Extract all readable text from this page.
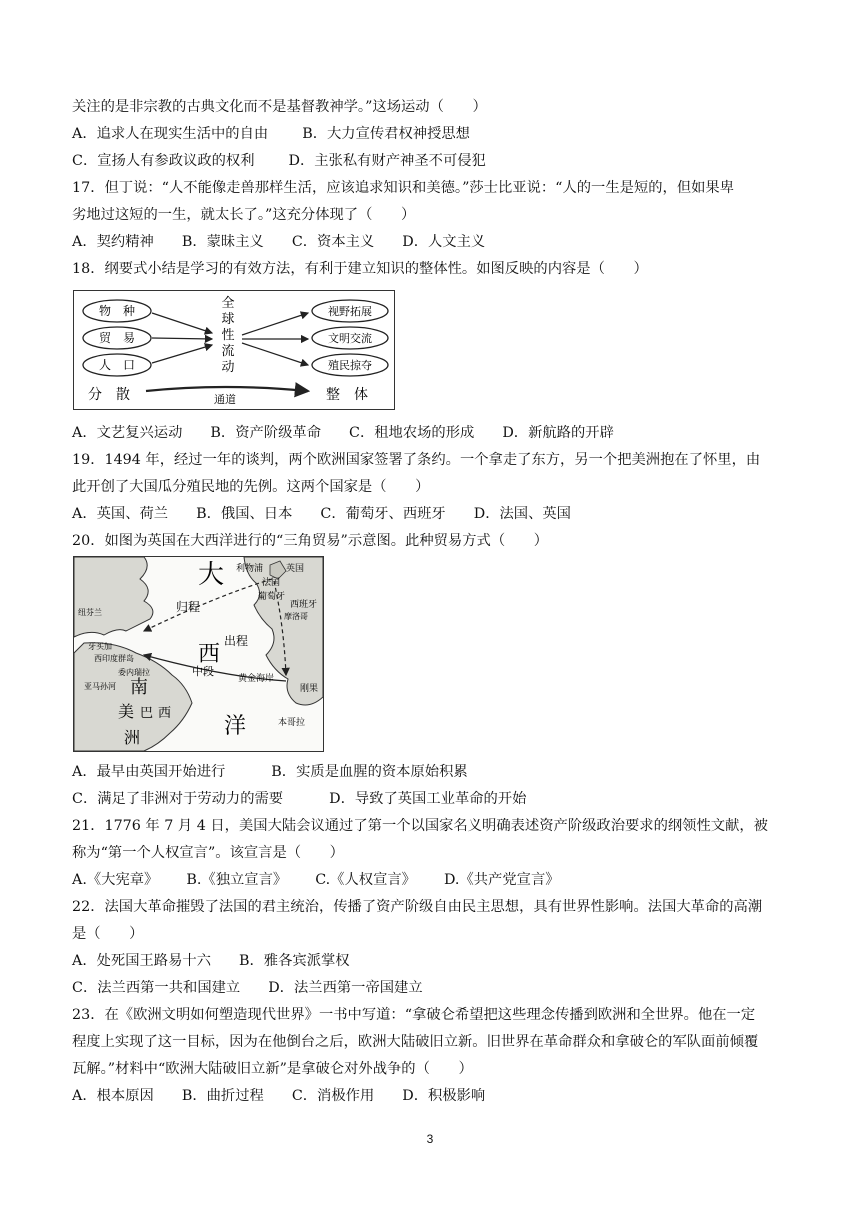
关注的是非宗教的古典文化而不是基督教神学。”这场运动（　　）
A．追求人在现实生活中的自由 B．大力宣传君权神授思想
C．宣扬人有参政议政的权利 D．主张私有财产神圣不可侵犯
17．但丁说：“人不能像走兽那样生活，应该追求知识和美德。”莎士比亚说：“人的一生是短的，但如果卑
劣地过这短的一生，就太长了。”这充分体现了（　　）
A．契约精神 B．蒙昧主义 C．资本主义 D．人文主义
18．纲要式小结是学习的有效方法，有利于建立知识的整体性。如图反映的内容是（　　）
物　种
贸　易
人　口
全
球
性
流
动
视野拓展
文明交流
殖民掠夺
分　散	通道	整　体
A．文艺复兴运动 B．资产阶级革命 C．租地农场的形成 D．新航路的开辟
19．1494 年，经过一年的谈判，两个欧洲国家签署了条约。一个拿走了东方，另一个把美洲抱在了怀里，由
此开创了大国瓜分殖民地的先例。这两个国家是（　　）
A．英国、荷兰 B．俄国、日本 C．葡萄牙、西班牙 D．法国、英国
20．如图为英国在大西洋进行的“三角贸易”示意图。此种贸易方式（　　）
大
西
洋
南
美 巴 西
洲
利物浦	英国
法国
葡萄牙
西班牙
摩洛哥
纽芬兰	归程
出程
中段
牙买加
西印度群岛
委内瑞拉
亚马孙河
黄金海岸
刚果
本哥拉
A．最早由英国开始进行	B．实质是血腥的资本原始积累
C．满足了非洲对于劳动力的需要	D．导致了英国工业革命的开始
21．1776 年 7 月 4 日，美国大陆会议通过了第一个以国家名义明确表述资产阶级政治要求的纲领性文献，被
称为“第一个人权宣言”。该宣言是（　　）
A.《大宪章》 B.《独立宣言》 C.《人权宣言》 D.《共产党宣言》
22．法国大革命摧毁了法国的君主统治，传播了资产阶级自由民主思想，具有世界性影响。法国大革命的高潮
是（　　）
A．处死国王路易十六 B．雅各宾派掌权
C．法兰西第一共和国建立 D．法兰西第一帝国建立
23．在《欧洲文明如何塑造现代世界》一书中写道：“拿破仑希望把这些理念传播到欧洲和全世界。他在一定
程度上实现了这一目标，因为在他倒台之后，欧洲大陆破旧立新。旧世界在革命群众和拿破仑的军队面前倾覆
瓦解。”材料中“欧洲大陆破旧立新”是拿破仑对外战争的（　　）
A．根本原因 B．曲折过程 C．消极作用 D．积极影响
3
